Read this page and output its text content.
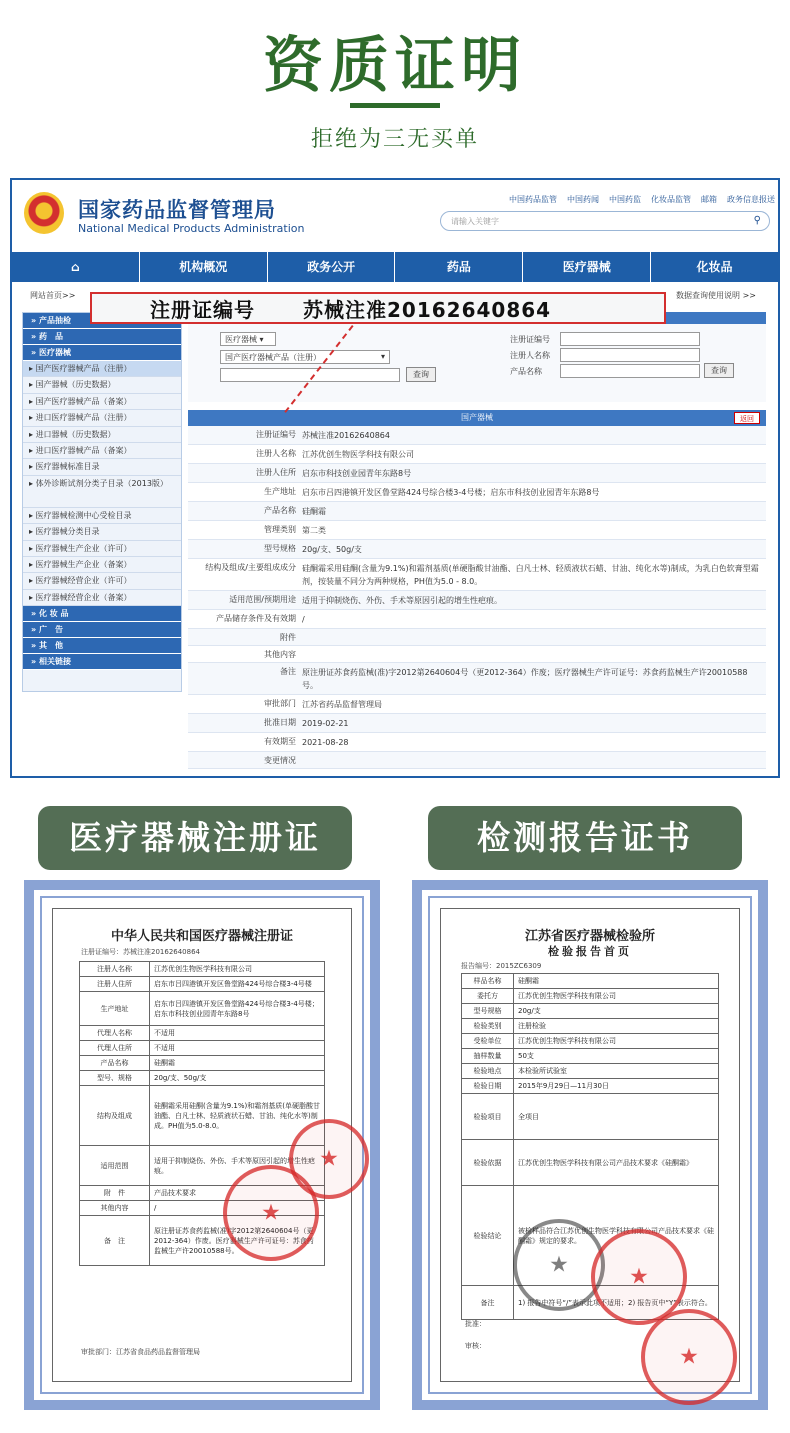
资质证明
拒绝为三无买单
国家药品监督管理局
National Medical Products Administration
中国药品监管 中国药闻 中国药监 化妆品监管 邮箱 政务信息报送
请输入关键字	⚲
⌂	机构概况	政务公开	药品	医疗器械	化妆品
网站首页>>	数据查询使用说明 >>
» 产品抽检
» 药　品
» 医疗器械
▸ 国产医疗器械产品（注册）
▸ 国产器械（历史数据）
▸ 国产医疗器械产品（备案）
▸ 进口医疗器械产品（注册）
▸ 进口器械（历史数据）
▸ 进口医疗器械产品（备案）
▸ 医疗器械标准目录
▸ 体外诊断试剂分类子目录（2013版）
▸ 医疗器械检测中心受检目录
▸ 医疗器械分类目录
▸ 医疗器械生产企业（许可）
▸ 医疗器械生产企业（备案）
▸ 医疗器械经营企业（许可）
▸ 医疗器械经营企业（备案）
» 化 妆 品
» 广　告
» 其　他
» 相关链接
医疗器械 ▾
国产医疗器械产品（注册）	▾
查询
注册证编号
注册人名称
产品名称	查询
国产器械	返回
注册证编号 苏械注准20162640864
注册人名称 江苏优创生物医学科技有限公司
注册人住所 启东市科技创业园青年东路8号
生产地址 启东市吕四港镇开发区鲁堂路424号综合楼3-4号楼；启东市科技创业园青年东路8号
产品名称 硅酮霜
管理类别 第二类
型号规格 20g/支、50g/支
结构及组成/主要组成成分 硅酮霜采用硅酮(含量为9.1%)和霜剂基质(单硬脂酸甘油酯、白凡士林、轻质液状石蜡、甘油、纯化水等)制成，为乳白色软膏型霜剂，按装量不同分为两种规格，PH值为5.0 - 8.0。
适用范围/预期用途 适用于抑制烧伤、外伤、手术等原因引起的增生性疤痕。
产品储存条件及有效期 /
附件
其他内容
备注 原注册证苏食药监械(准)字2012第2640604号（更2012-364）作废；医疗器械生产许可证号：苏食药监械生产许20010588号。
审批部门 江苏省药品监督管理局
批准日期 2019-02-21
有效期至 2021-08-28
变更情况
注册证编号 苏械注准20162640864
医疗器械注册证	检测报告证书
中华人民共和国医疗器械注册证
注册证编号：苏械注准20162640864
注册人名称	江苏优创生物医学科技有限公司
注册人住所	启东市吕四港镇开发区鲁堂路424号综合楼3-4号楼
生产地址	启东市吕四港镇开发区鲁堂路424号综合楼3-4号楼；启东市科技创业园青年东路8号
代理人名称	不适用
代理人住所	不适用
产品名称	硅酮霜
型号、规格	20g/支、50g/支
结构及组成	硅酮霜采用硅酮(含量为9.1%)和霜剂基质(单硬脂酸甘油酯、白凡士林、轻质液状石蜡、甘油、纯化水等)制成。PH值为5.0-8.0。
适用范围	适用于抑制烧伤、外伤、手术等原因引起的增生性疤痕。
附　件	产品技术要求
其他内容	/
备　注	原注册证苏食药监械(准)字2012第2640604号（更2012-364）作废。医疗器械生产许可证号：苏食药监械生产许20010588号。
审批部门：江苏省食品药品监督管理局
★
★
江苏省医疗器械检验所
检验报告首页
报告编号：2015ZC6309
样品名称	硅酮霜
委托方	江苏优创生物医学科技有限公司
型号规格	20g/支
检验类别	注册检验
受检单位	江苏优创生物医学科技有限公司
抽样数量	50支
检验地点	本检验所试验室
检验日期	2015年9月29日—11月30日
检验项目	全项目
检验依据	江苏优创生物医学科技有限公司产品技术要求《硅酮霜》
检验结论	被检样品符合江苏优创生物医学科技有限公司产品技术要求《硅酮霜》规定的要求。
备注	1) 报告中符号“/”表示此项不适用；2) 报告页中“Y”表示符合。
批准：
审核：
★
★
★
